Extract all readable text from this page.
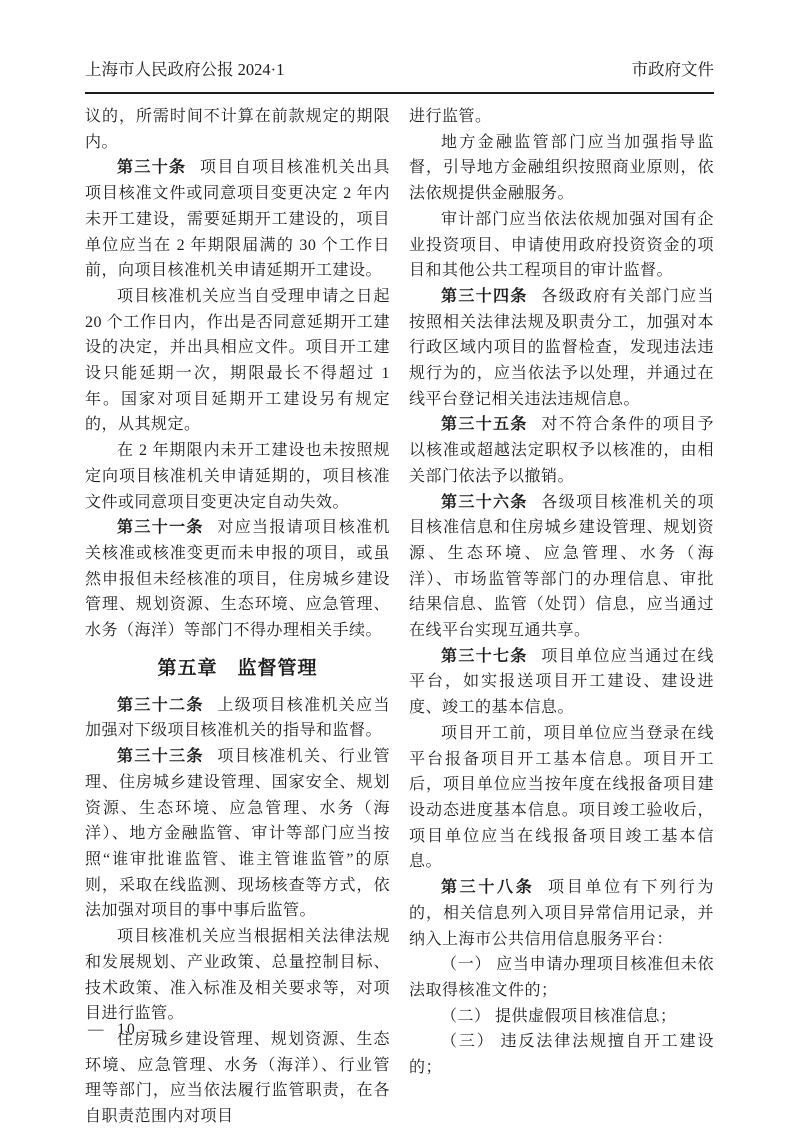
上海市人民政府公报 2024·1	市政府文件

议的，所需时间不计算在前款规定的期限内。

第三十条 项目自项目核准机关出具项目核准文件或同意项目变更决定 2 年内未开工建设，需要延期开工建设的，项目单位应当在 2 年期限届满的 30 个工作日前，向项目核准机关申请延期开工建设。

项目核准机关应当自受理申请之日起 20 个工作日内，作出是否同意延期开工建设的决定，并出具相应文件。项目开工建设只能延期一次，期限最长不得超过 1 年。国家对项目延期开工建设另有规定的，从其规定。

在 2 年期限内未开工建设也未按照规定向项目核准机关申请延期的，项目核准文件或同意项目变更决定自动失效。

第三十一条 对应当报请项目核准机关核准或核准变更而未申报的项目，或虽然申报但未经核准的项目，住房城乡建设管理、规划资源、生态环境、应急管理、水务（海洋）等部门不得办理相关手续。

第五章　监督管理

第三十二条 上级项目核准机关应当加强对下级项目核准机关的指导和监督。

第三十三条 项目核准机关、行业管理、住房城乡建设管理、国家安全、规划资源、生态环境、应急管理、水务（海洋）、地方金融监管、审计等部门应当按照“谁审批谁监管、谁主管谁监管”的原则，采取在线监测、现场核查等方式，依法加强对项目的事中事后监管。

项目核准机关应当根据相关法律法规和发展规划、产业政策、总量控制目标、技术政策、准入标准及相关要求等，对项目进行监管。

住房城乡建设管理、规划资源、生态环境、应急管理、水务（海洋）、行业管理等部门，应当依法履行监管职责，在各自职责范围内对项目

进行监管。

地方金融监管部门应当加强指导监督，引导地方金融组织按照商业原则，依法依规提供金融服务。

审计部门应当依法依规加强对国有企业投资项目、申请使用政府投资资金的项目和其他公共工程项目的审计监督。

第三十四条 各级政府有关部门应当按照相关法律法规及职责分工，加强对本行政区域内项目的监督检查，发现违法违规行为的，应当依法予以处理，并通过在线平台登记相关违法违规信息。

第三十五条 对不符合条件的项目予以核准或超越法定职权予以核准的，由相关部门依法予以撤销。

第三十六条 各级项目核准机关的项目核准信息和住房城乡建设管理、规划资源、生态环境、应急管理、水务（海洋）、市场监管等部门的办理信息、审批结果信息、监管（处罚）信息，应当通过在线平台实现互通共享。

第三十七条 项目单位应当通过在线平台，如实报送项目开工建设、建设进度、竣工的基本信息。

项目开工前，项目单位应当登录在线平台报备项目开工基本信息。项目开工后，项目单位应当按年度在线报备项目建设动态进度基本信息。项目竣工验收后，项目单位应当在线报备项目竣工基本信息。

第三十八条 项目单位有下列行为的，相关信息列入项目异常信用记录，并纳入上海市公共信用信息服务平台：

（一） 应当申请办理项目核准但未依法取得核准文件的；

（二） 提供虚假项目核准信息；

（三） 违反法律法规擅自开工建设的；

—  10  —
